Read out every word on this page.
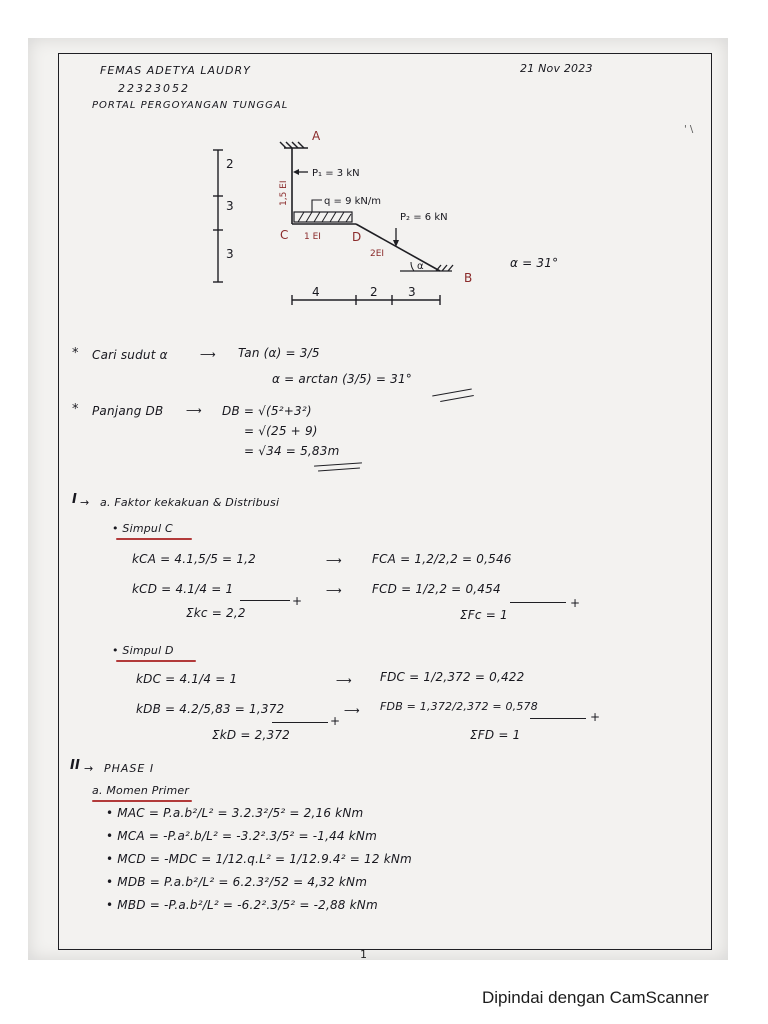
' \
FEMAS ADETYA LAUDRY
22323052
PORTAL PERGOYANGAN TUNGGAL
21 Nov 2023
2
3
3
A
1,5 EI
P₁ = 3 kN
q = 9 kN/m
C 1 EI	D
2EI
P₂ = 6 kN
α
B
4	2	3
α = 31°
* Cari sudut α	⟶ Tan (α) = 3/5
α = arctan (3/5) = 31°
* Panjang DB ⟶ DB = √(5²+3²)
= √(25 + 9)
= √34 = 5,83m
I → a. Faktor kekakuan & Distribusi
• Simpul C
kCA = 4.1,5/5 = 1,2	⟶	FCA = 1,2/2,2 = 0,546
kCD = 4.1/4 = 1	⟶	FCD = 1/2,2 = 0,454
+	+
Σkc = 2,2	ΣFc = 1
• Simpul D
kDC = 4.1/4 = 1	⟶ FDC = 1/2,372 = 0,422
kDB = 4.2/5,83 = 1,372	⟶ FDB = 1,372/2,372 = 0,578
+	+
ΣkD = 2,372	ΣFD = 1
II → PHASE I
a. Momen Primer
• MAC = P.a.b²/L² = 3.2.3²/5² = 2,16 kNm
• MCA = -P.a².b/L² = -3.2².3/5² = -1,44 kNm
• MCD = -MDC = 1/12.q.L² = 1/12.9.4² = 12 kNm
• MDB = P.a.b²/L² = 6.2.3²/52 = 4,32 kNm
• MBD = -P.a.b²/L² = -6.2².3/5² = -2,88 kNm
1
Dipindai dengan CamScanner
